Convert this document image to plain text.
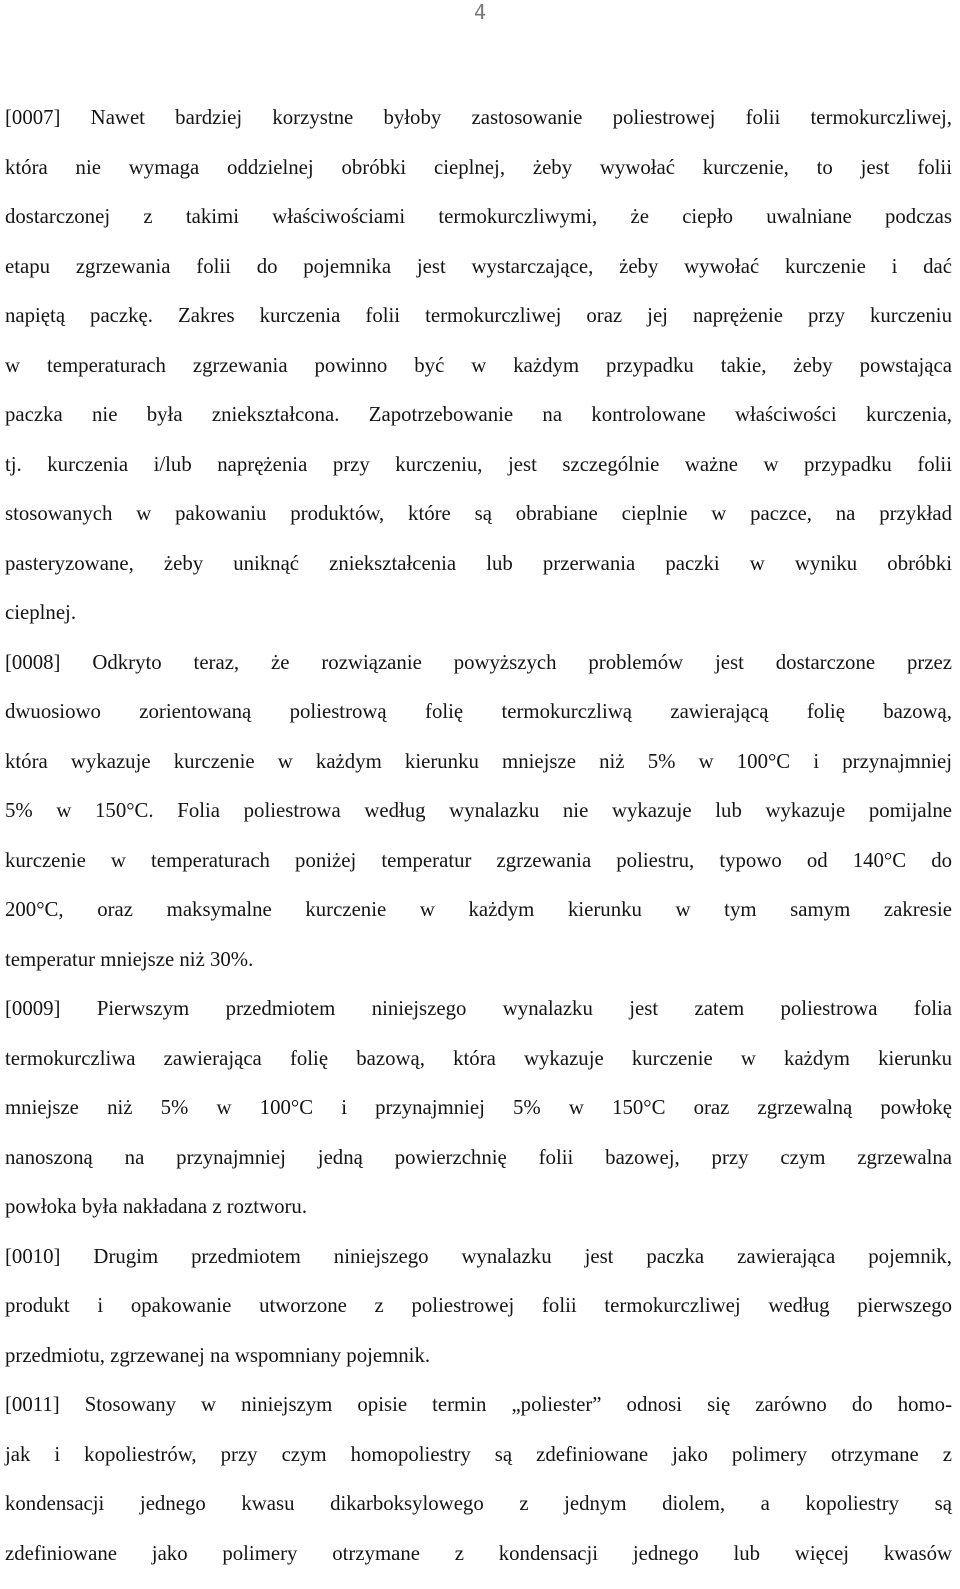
4
[0007] Nawet bardziej korzystne byłoby zastosowanie poliestrowej folii termokurczliwej,
która nie wymaga oddzielnej obróbki cieplnej, żeby wywołać kurczenie, to jest folii
dostarczonej z takimi właściwościami termokurczliwymi, że ciepło uwalniane podczas
etapu zgrzewania folii do pojemnika jest wystarczające, żeby wywołać kurczenie i dać
napiętą paczkę. Zakres kurczenia folii termokurczliwej oraz jej naprężenie przy kurczeniu
w temperaturach zgrzewania powinno być w każdym przypadku takie, żeby powstająca
paczka nie była zniekształcona. Zapotrzebowanie na kontrolowane właściwości kurczenia,
tj. kurczenia i/lub naprężenia przy kurczeniu, jest szczególnie ważne w przypadku folii
stosowanych w pakowaniu produktów, które są obrabiane cieplnie w paczce, na przykład
pasteryzowane, żeby uniknąć zniekształcenia lub przerwania paczki w wyniku obróbki
cieplnej.
[0008] Odkryto teraz, że rozwiązanie powyższych problemów jest dostarczone przez
dwuosiowo zorientowaną poliestrową folię termokurczliwą zawierającą folię bazową,
która wykazuje kurczenie w każdym kierunku mniejsze niż 5% w 100°C i przynajmniej
5% w 150°C. Folia poliestrowa według wynalazku nie wykazuje lub wykazuje pomijalne
kurczenie w temperaturach poniżej temperatur zgrzewania poliestru, typowo od 140°C do
200°C, oraz maksymalne kurczenie w każdym kierunku w tym samym zakresie
temperatur mniejsze niż 30%.
[0009] Pierwszym przedmiotem niniejszego wynalazku jest zatem poliestrowa folia
termokurczliwa zawierająca folię bazową, która wykazuje kurczenie w każdym kierunku
mniejsze niż 5% w 100°C i przynajmniej 5% w 150°C oraz zgrzewalną powłokę
nanoszoną na przynajmniej jedną powierzchnię folii bazowej, przy czym zgrzewalna
powłoka była nakładana z roztworu.
[0010] Drugim przedmiotem niniejszego wynalazku jest paczka zawierająca pojemnik,
produkt i opakowanie utworzone z poliestrowej folii termokurczliwej według pierwszego
przedmiotu, zgrzewanej na wspomniany pojemnik.
[0011] Stosowany w niniejszym opisie termin „poliester” odnosi się zarówno do homo-
jak i kopoliestrów, przy czym homopoliestry są zdefiniowane jako polimery otrzymane z
kondensacji jednego kwasu dikarboksylowego z jednym diolem, a kopoliestry są
zdefiniowane jako polimery otrzymane z kondensacji jednego lub więcej kwasów
